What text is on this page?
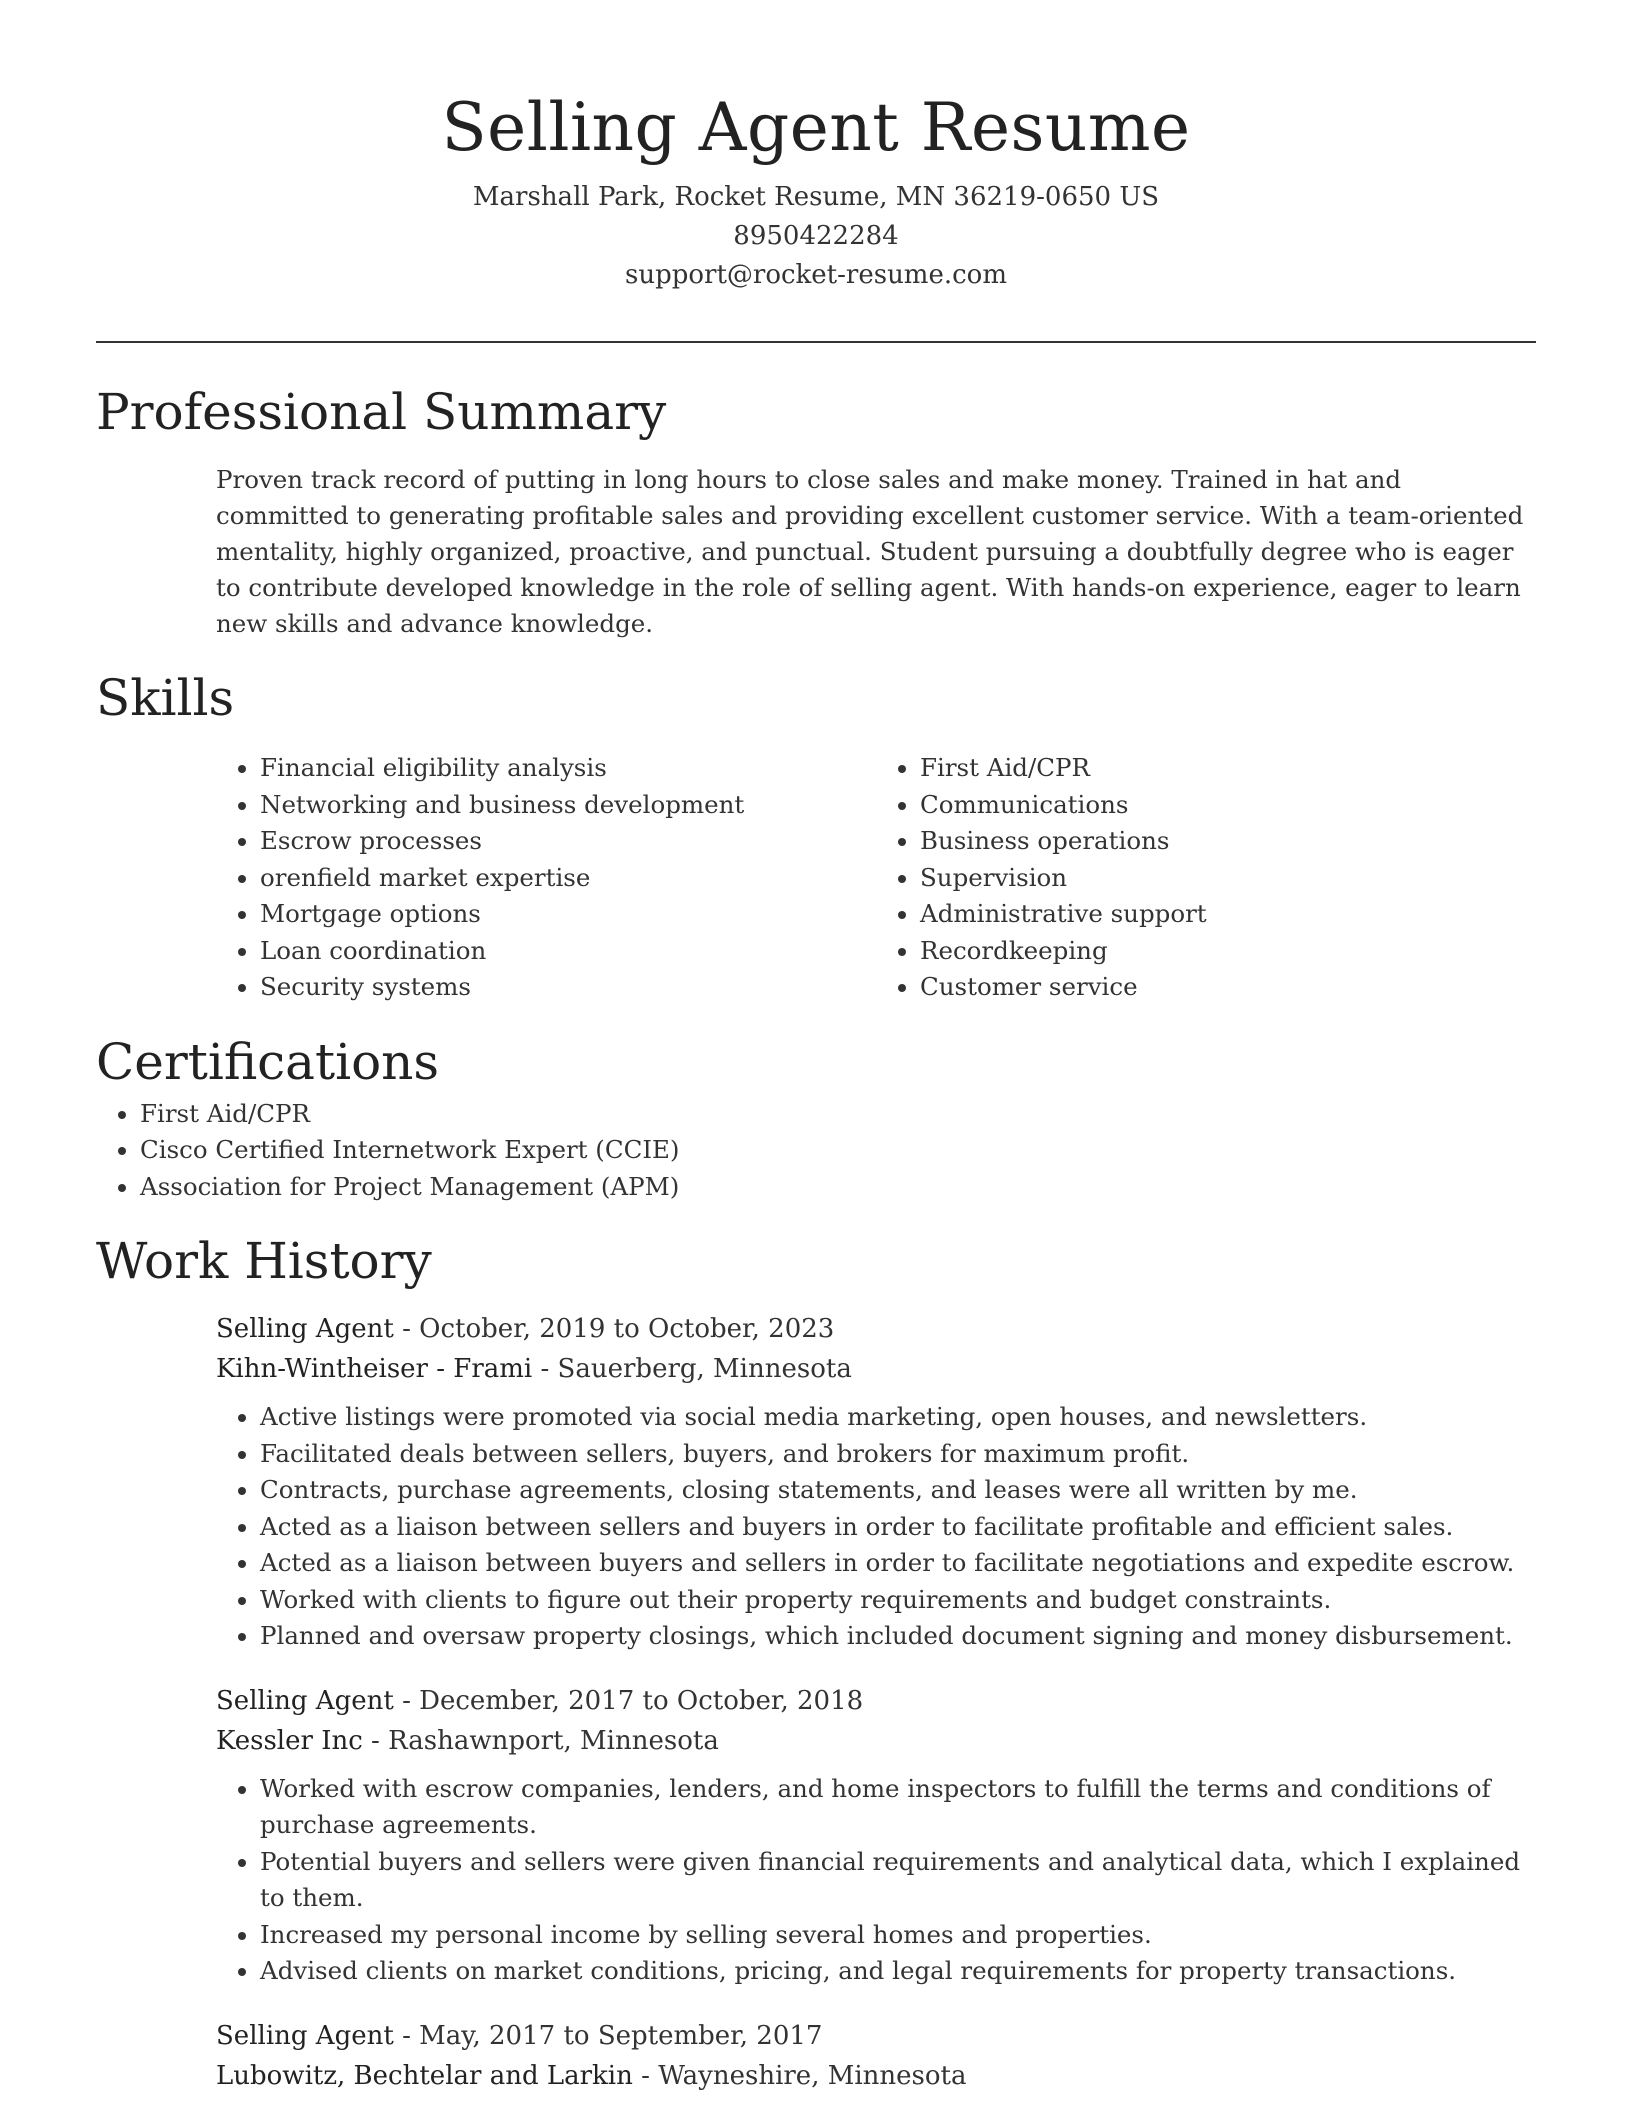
Selling Agent Resume
Marshall Park, Rocket Resume, MN 36219-0650 US
8950422284
support@rocket-resume.com
Professional Summary

Proven track record of putting in long hours to close sales and make money. Trained in hat and committed to generating profitable sales and providing excellent customer service. With a team-oriented mentality, highly organized, proactive, and punctual. Student pursuing a doubtfully degree who is eager to contribute developed knowledge in the role of selling agent. With hands-on experience, eager to learn new skills and advance knowledge.

Skills
• Financial eligibility analysis
• Networking and business development
• Escrow processes
• orenfield market expertise
• Mortgage options
• Loan coordination
• Security systems
• First Aid/CPR
• Communications
• Business operations
• Supervision
• Administrative support
• Recordkeeping
• Customer service
Certifications
• First Aid/CPR
• Cisco Certified Internetwork Expert (CCIE)
• Association for Project Management (APM)
Work History
Selling Agent - October, 2019 to October, 2023
Kihn-Wintheiser - Frami - Sauerberg, Minnesota
• Active listings were promoted via social media marketing, open houses, and newsletters.
• Facilitated deals between sellers, buyers, and brokers for maximum profit.
• Contracts, purchase agreements, closing statements, and leases were all written by me.
• Acted as a liaison between sellers and buyers in order to facilitate profitable and efficient sales.
• Acted as a liaison between buyers and sellers in order to facilitate negotiations and expedite escrow.
• Worked with clients to figure out their property requirements and budget constraints.
• Planned and oversaw property closings, which included document signing and money disbursement.
Selling Agent - December, 2017 to October, 2018
Kessler Inc - Rashawnport, Minnesota
• Worked with escrow companies, lenders, and home inspectors to fulfill the terms and conditions of purchase agreements.
• Potential buyers and sellers were given financial requirements and analytical data, which I explained to them.
• Increased my personal income by selling several homes and properties.
• Advised clients on market conditions, pricing, and legal requirements for property transactions.
Selling Agent - May, 2017 to September, 2017
Lubowitz, Bechtelar and Larkin - Wayneshire, Minnesota
